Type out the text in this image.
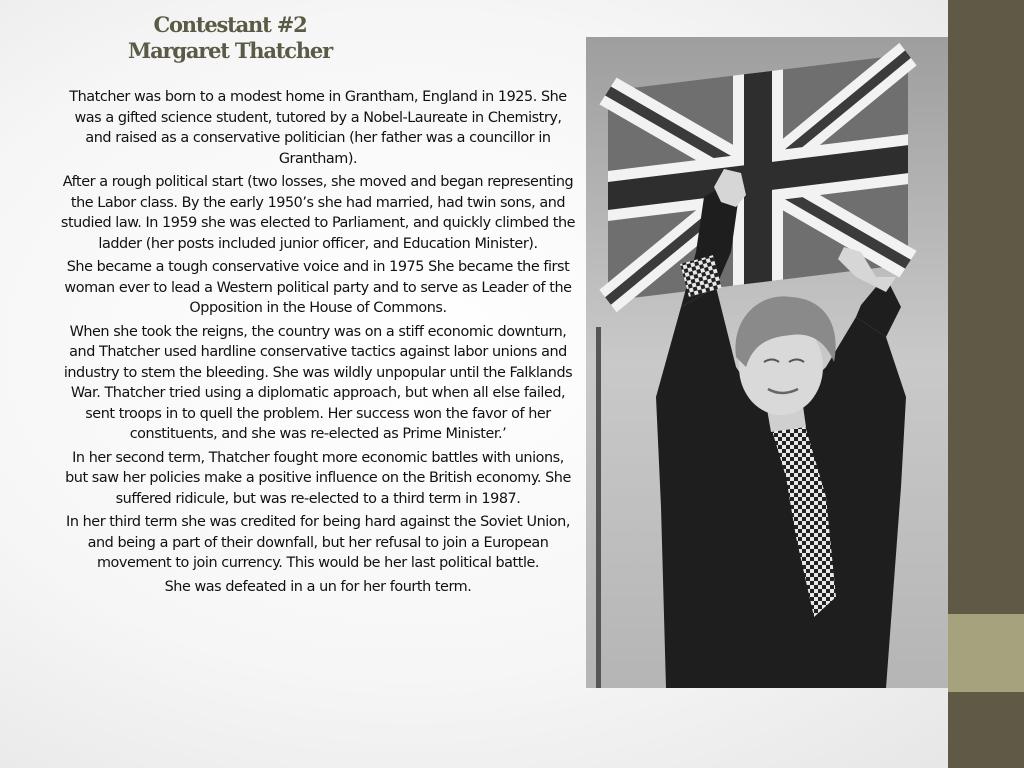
Contestant #2
Margaret Thatcher

Thatcher was born to a modest home in Grantham, England in 1925. She was a gifted science student, tutored by a Nobel-Laureate in Chemistry, and raised as a conservative politician (her father was a councillor in Grantham).

After a rough political start (two losses, she moved and began representing the Labor class. By the early 1950’s she had married, had twin sons, and studied law. In 1959 she was elected to Parliament, and quickly climbed the ladder (her posts included junior officer, and Education Minister).

She became a tough conservative voice and in 1975 She became the first woman ever to lead a Western political party and to serve as Leader of the Opposition in the House of Commons.

When she took the reigns, the country was on a stiff economic downturn, and Thatcher used hardline conservative tactics against labor unions and industry to stem the bleeding. She was wildly unpopular until the Falklands War. Thatcher tried using a diplomatic approach, but when all else failed, sent troops in to quell the problem. Her success won the favor of her constituents, and she was re-elected as Prime Minister.’

In her second term, Thatcher fought more economic battles with unions, but saw her policies make a positive influence on the British economy. She suffered ridicule, but was re-elected to a third term in 1987.

In her third term she was credited for being hard against the Soviet Union, and being a part of their downfall, but her refusal to join a European movement to join currency. This would be her last political battle.

She was defeated in a un for her fourth term.
